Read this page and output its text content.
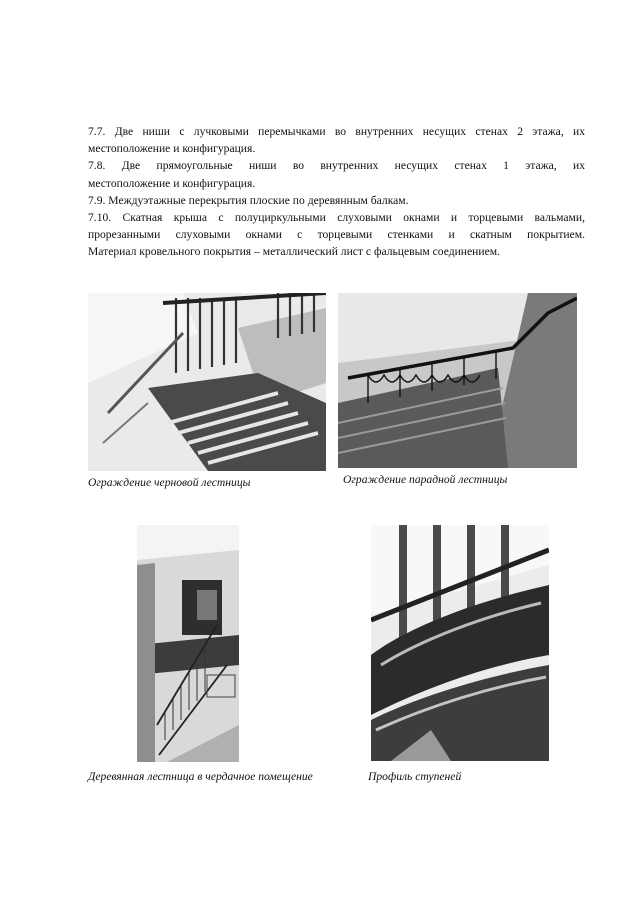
7.7. Две ниши с лучковыми перемычками во внутренних несущих стенах 2 этажа, их

местоположение и конфигурация.

7.8. Две прямоугольные ниши во внутренних несущих стенах 1 этажа, их

местоположение и конфигурация.

7.9. Междуэтажные перекрытия плоские по деревянным балкам.

7.10. Скатная крыша с полуциркульными слуховыми окнами и торцевыми вальмами,

прорезанными слуховыми окнами с торцевыми стенками и скатным покрытием.

Материал кровельного покрытия – металлический лист с фальцевым соединением.

Ограждение черновой лестницы	Ограждение парадной лестницы
Деревянная лестница в чердачное помещение	Профиль ступеней
